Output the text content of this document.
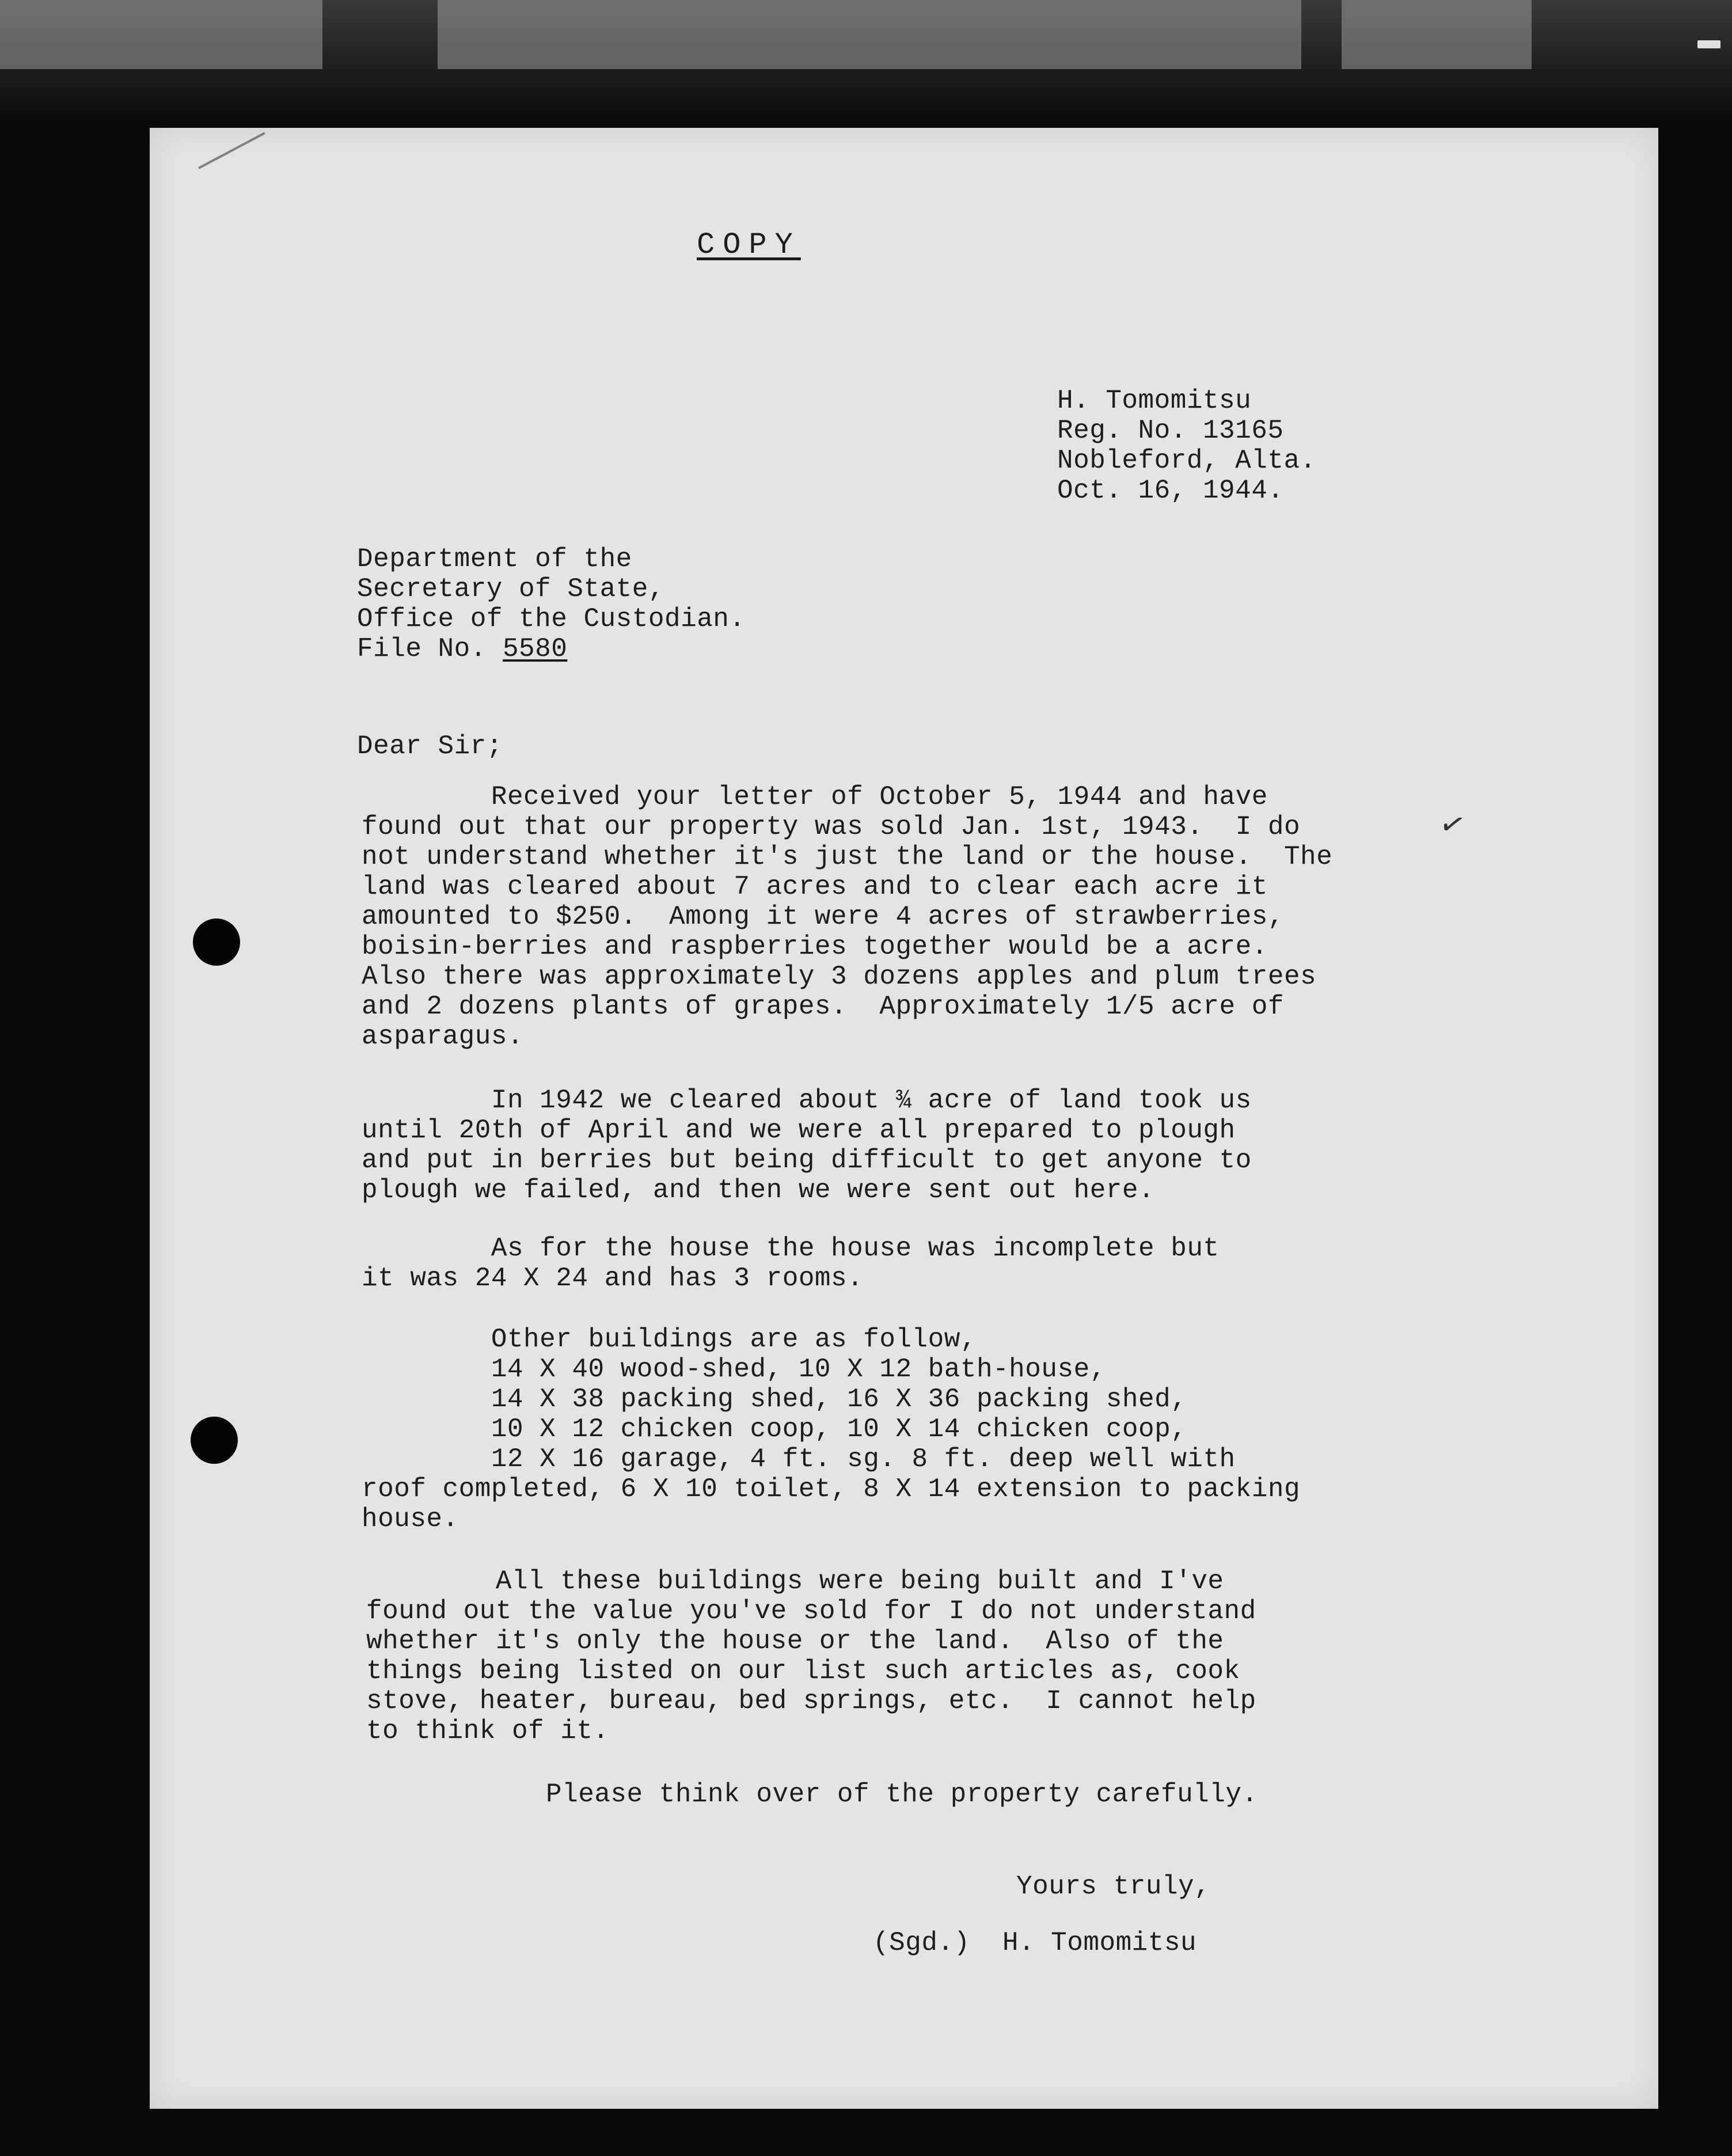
✓

COPY

H. Tomomitsu
Reg. No. 13165
Nobleford, Alta.
Oct. 16, 1944.
Department of the
Secretary of State,
Office of the Custodian.
File No. 5580

Dear Sir;

Received your letter of October 5, 1944 and have
found out that our property was sold Jan. 1st, 1943.  I do
not understand whether it's just the land or the house.  The
land was cleared about 7 acres and to clear each acre it
amounted to $250.  Among it were 4 acres of strawberries,
boisin-berries and raspberries together would be a acre.
Also there was approximately 3 dozens apples and plum trees
and 2 dozens plants of grapes.  Approximately 1/5 acre of
asparagus.

In 1942 we cleared about ¾ acre of land took us
until 20th of April and we were all prepared to plough
and put in berries but being difficult to get anyone to
plough we failed, and then we were sent out here.

As for the house the house was incomplete but
it was 24 X 24 and has 3 rooms.

Other buildings are as follow,
14 X 40 wood-shed, 10 X 12 bath-house,
14 X 38 packing shed, 16 X 36 packing shed,
10 X 12 chicken coop, 10 X 14 chicken coop,
12 X 16 garage, 4 ft. sg. 8 ft. deep well with
roof completed, 6 X 10 toilet, 8 X 14 extension to packing
house.

All these buildings were being built and I've
found out the value you've sold for I do not understand
whether it's only the house or the land.  Also of the
things being listed on our list such articles as, cook
stove, heater, bureau, bed springs, etc.  I cannot help
to think of it.

Please think over of the property carefully.

Yours truly,

(Sgd.)  H. Tomomitsu
